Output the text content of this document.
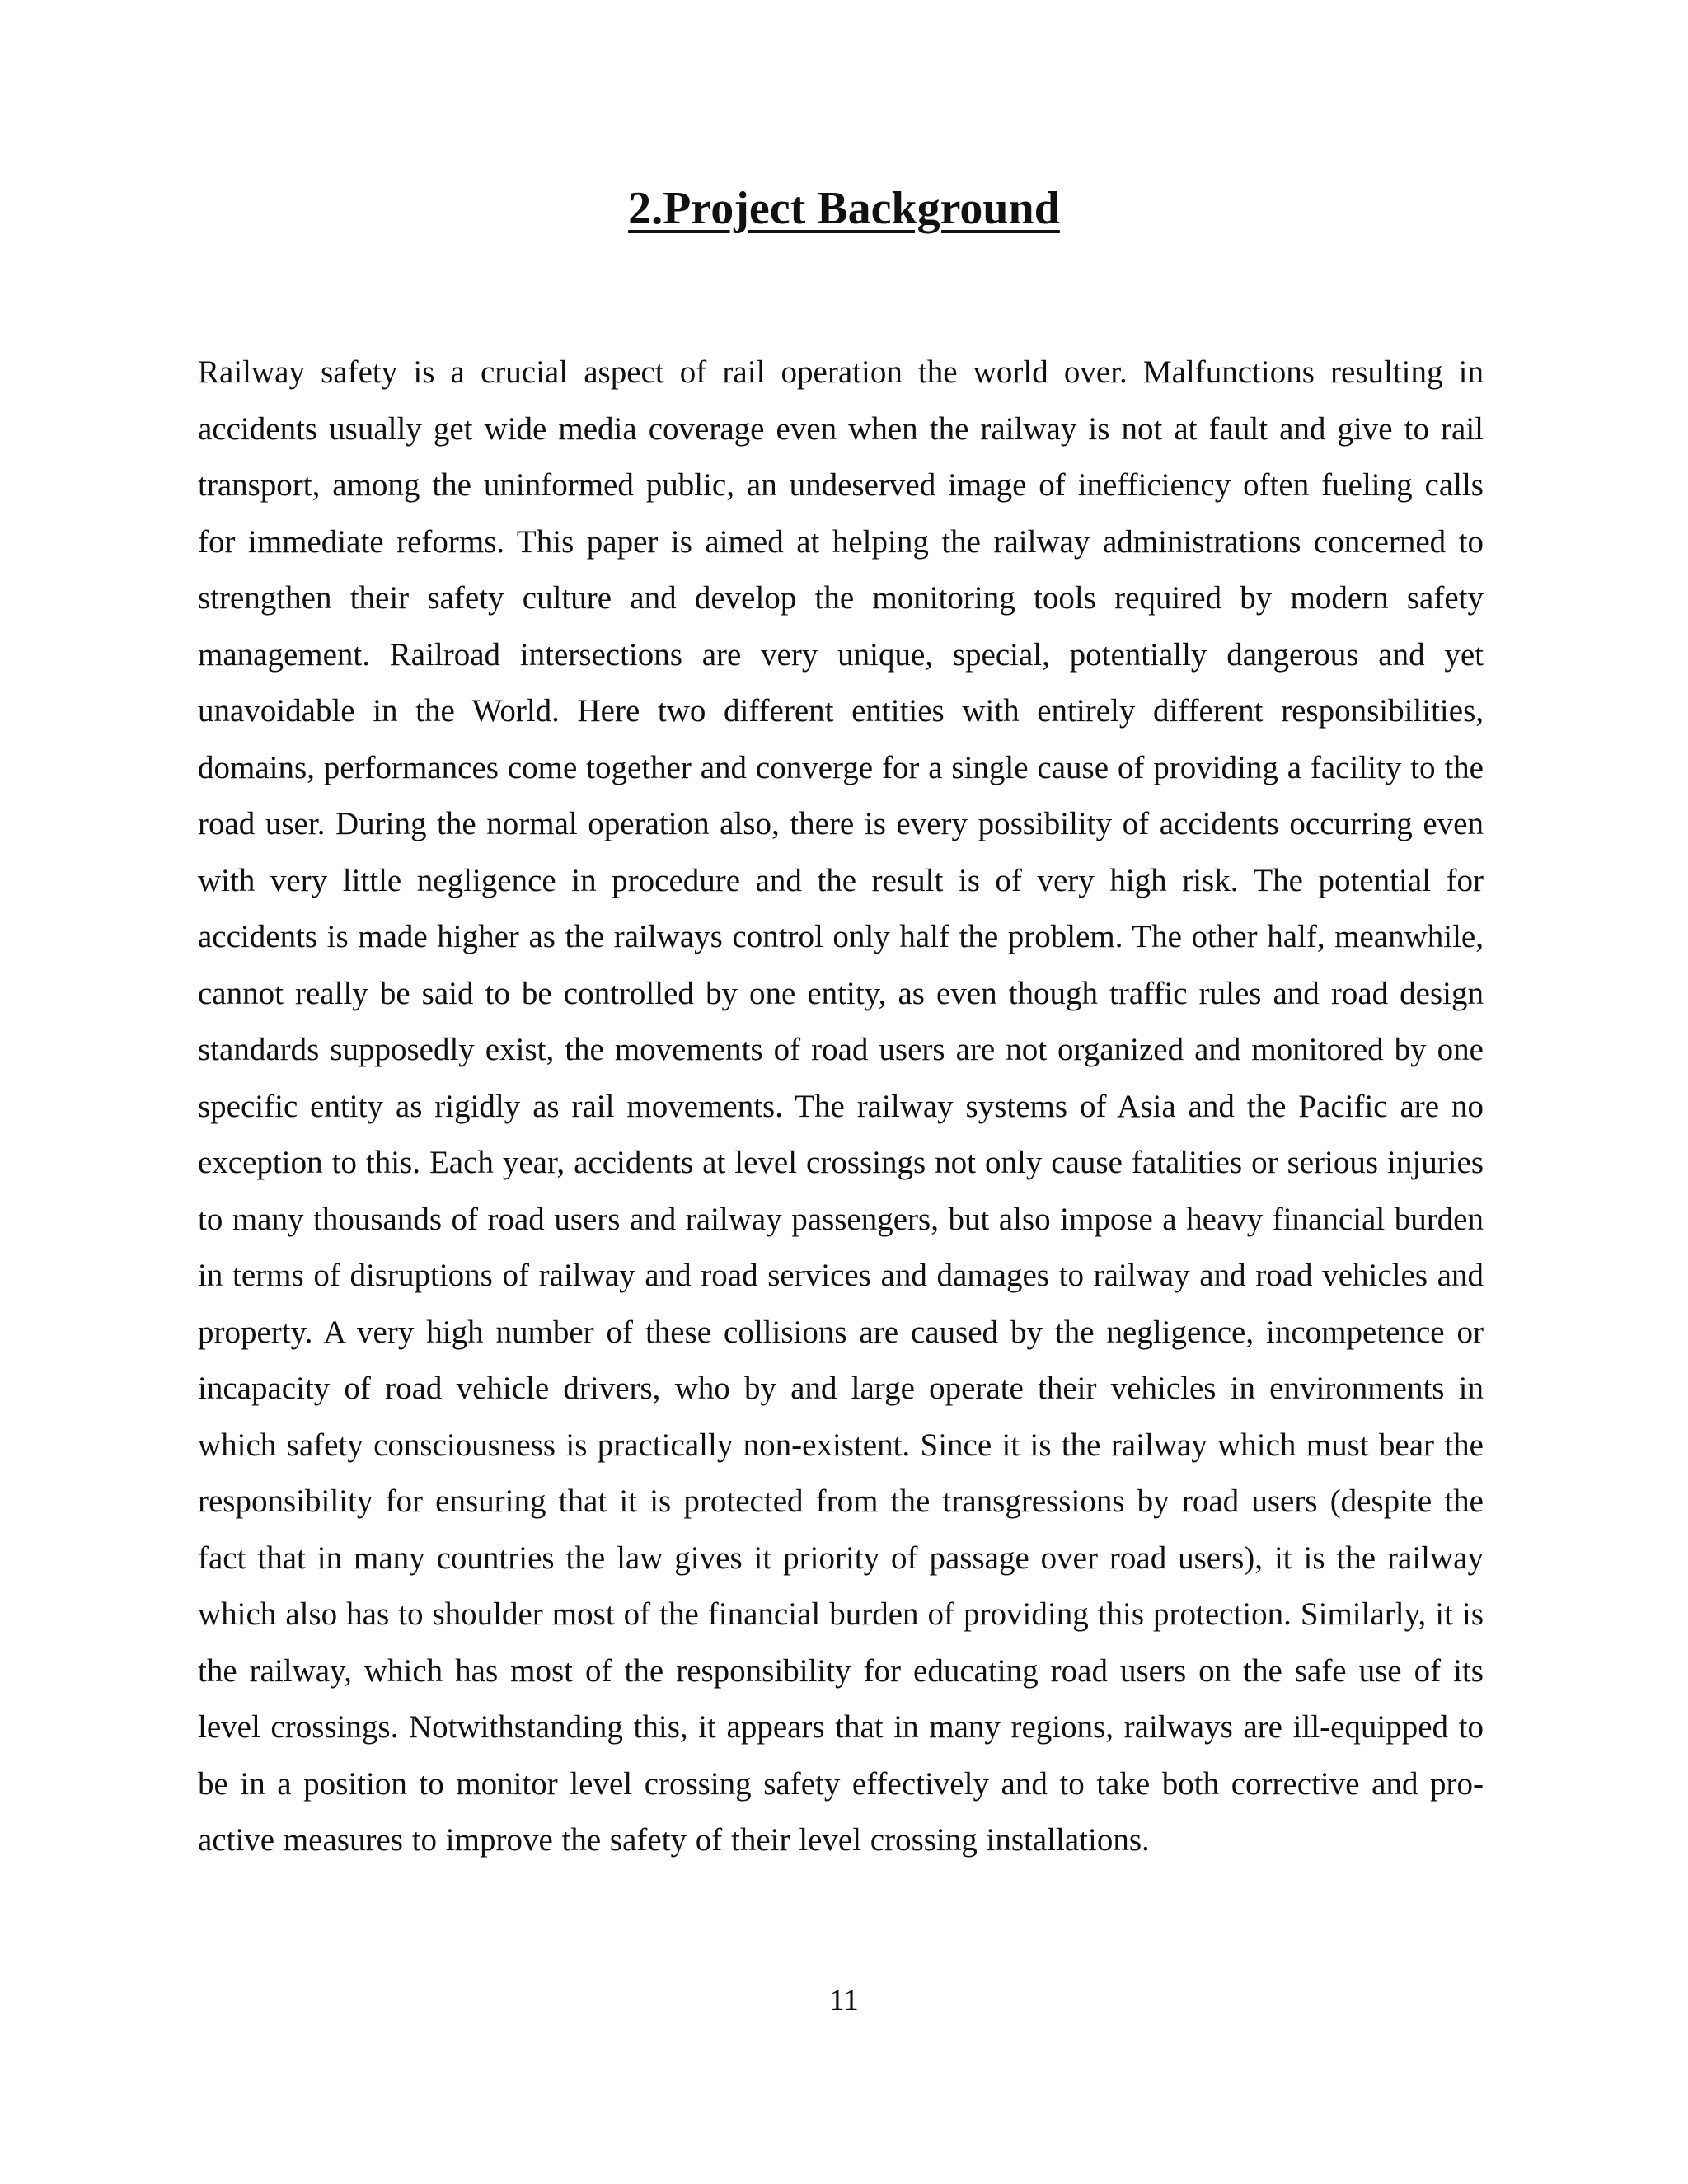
2.Project Background

Railway safety is a crucial aspect of rail operation the world over. Malfunctions resulting in accidents usually get wide media coverage even when the railway is not at fault and give to rail transport, among the uninformed public, an undeserved image of inefficiency often fueling calls for immediate reforms. This paper is aimed at helping the railway administrations concerned to strengthen their safety culture and develop the monitoring tools required by modern safety management. Railroad intersections are very unique, special, potentially dangerous and yet unavoidable in the World. Here two different entities with entirely different responsibilities, domains, performances come together and converge for a single cause of providing a facility to the road user. During the normal operation also, there is every possibility of accidents occurring even with very little negligence in procedure and the result is of very high risk. The potential for accidents is made higher as the railways control only half the problem. The other half, meanwhile, cannot really be said to be controlled by one entity, as even though traffic rules and road design standards supposedly exist, the movements of road users are not organized and monitored by one specific entity as rigidly as rail movements. The railway systems of Asia and the Pacific are no exception to this. Each year, accidents at level crossings not only cause fatalities or serious injuries to many thousands of road users and railway passengers, but also impose a heavy financial burden in terms of disruptions of railway and road services and damages to railway and road vehicles and property. A very high number of these collisions are caused by the negligence, incompetence or incapacity of road vehicle drivers, who by and large operate their vehicles in environments in which safety consciousness is practically non-existent. Since it is the railway which must bear the responsibility for ensuring that it is protected from the transgressions by road users (despite the fact that in many countries the law gives it priority of passage over road users), it is the railway which also has to shoulder most of the financial burden of providing this protection. Similarly, it is the railway, which has most of the responsibility for educating road users on the safe use of its level crossings. Notwithstanding this, it appears that in many regions, railways are ill-equipped to be in a position to monitor level crossing safety effectively and to take both corrective and pro-active measures to improve the safety of their level crossing installations.

11
